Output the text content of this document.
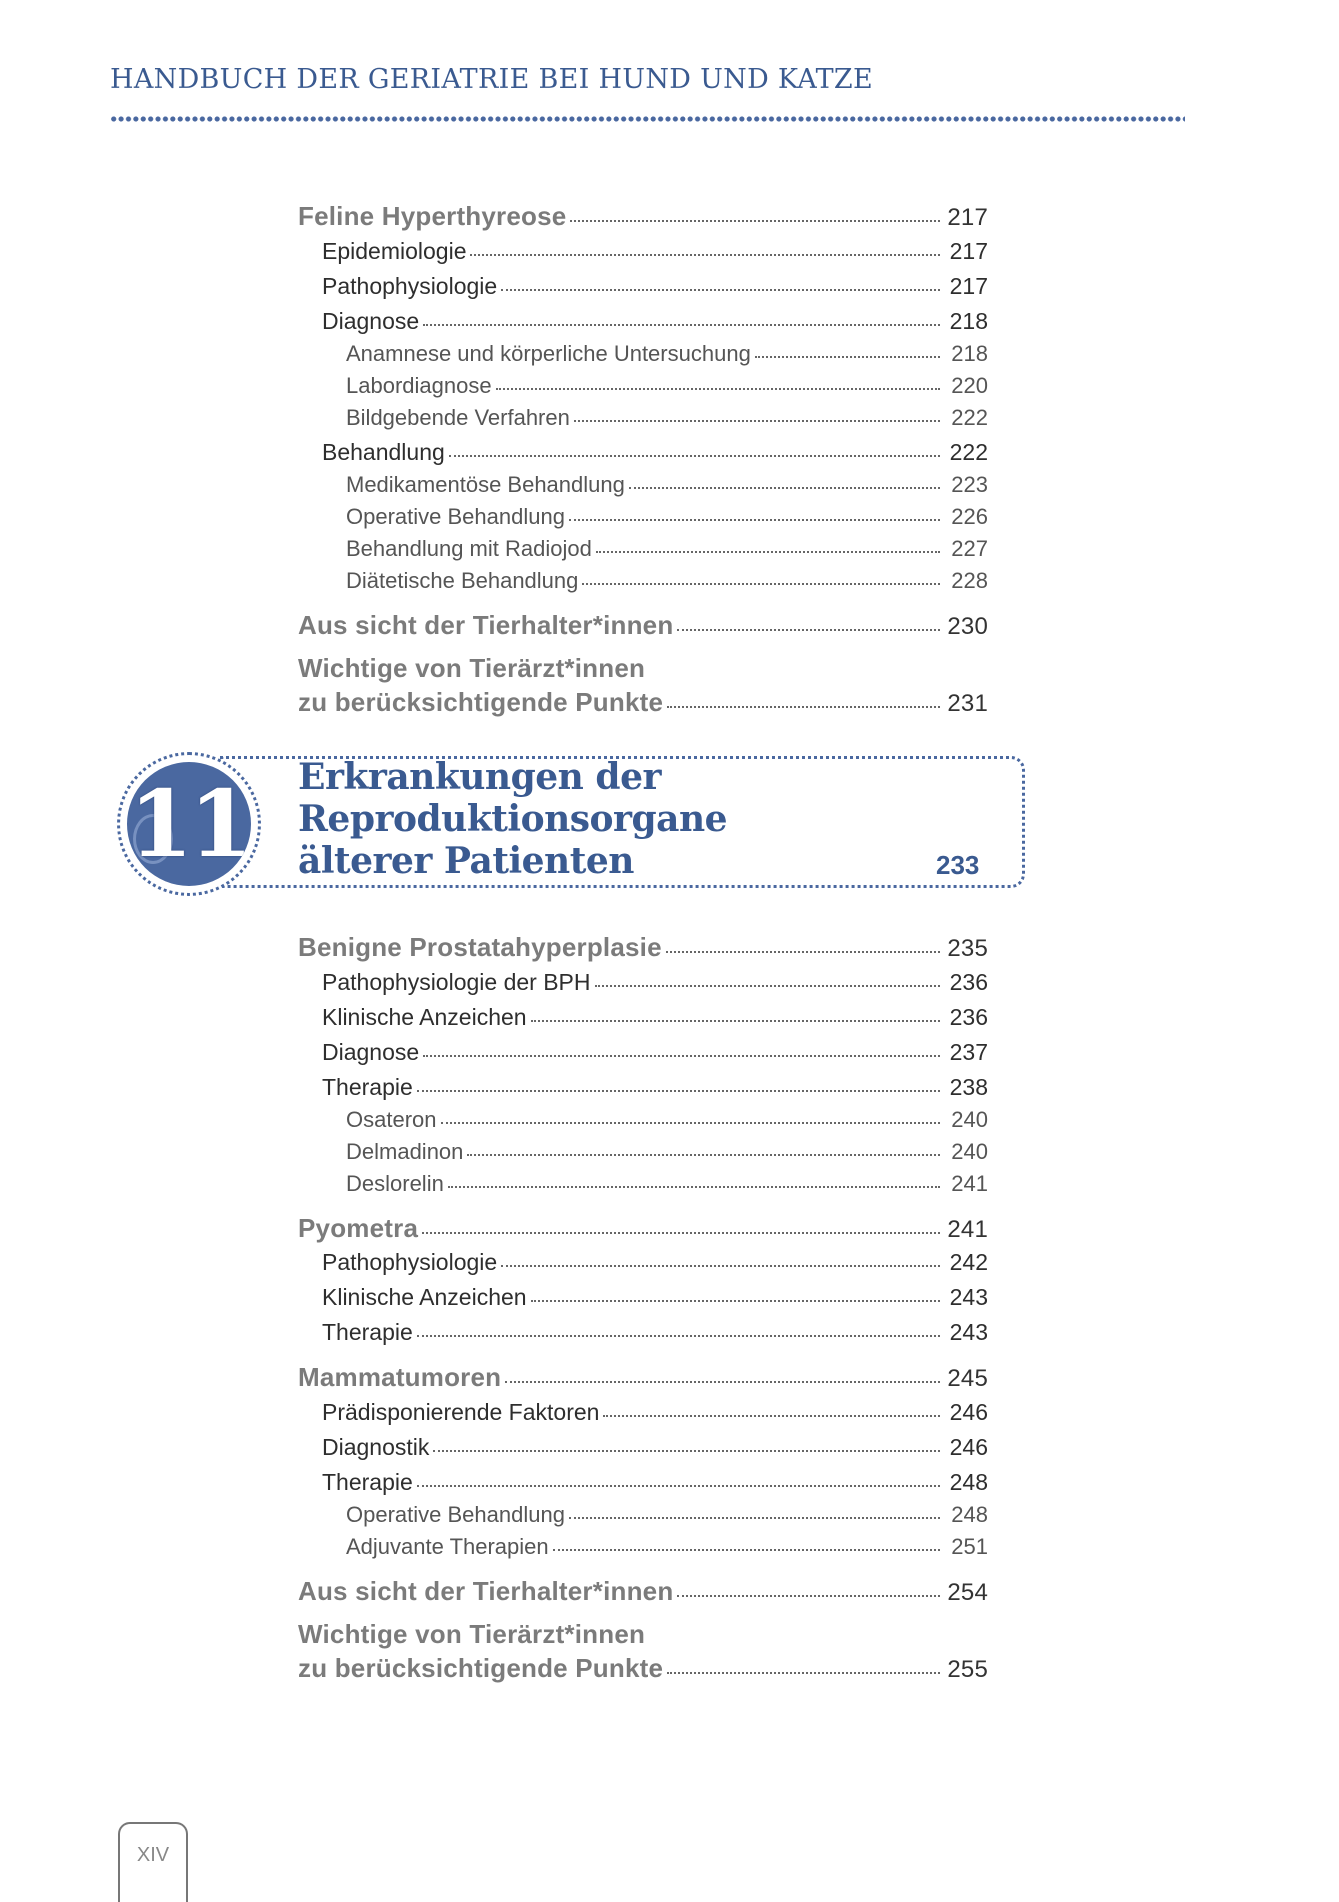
HANDBUCH DER GERIATRIE BEI HUND UND KATZE
Feline Hyperthyreose	217
Epidemiologie	217
Pathophysiologie	217
Diagnose	218
Anamnese und körperliche Untersuchung	218
Labordiagnose	220
Bildgebende Verfahren	222
Behandlung	222
Medikamentöse Behandlung	223
Operative Behandlung	226
Behandlung mit Radiojod	227
Diätetische Behandlung	228
Aus sicht der Tierhalter*innen	230
Wichtige von Tierärzt*innen
zu berücksichtigende Punkte	231
11 Erkrankungen der
Reproduktionsorgane
älterer Patienten	233
Benigne Prostatahyperplasie	235
Pathophysiologie der BPH	236
Klinische Anzeichen	236
Diagnose	237
Therapie	238
Osateron	240
Delmadinon	240
Deslorelin	241
Pyometra	241
Pathophysiologie	242
Klinische Anzeichen	243
Therapie	243
Mammatumoren	245
Prädisponierende Faktoren	246
Diagnostik	246
Therapie	248
Operative Behandlung	248
Adjuvante Therapien	251
Aus sicht der Tierhalter*innen	254
Wichtige von Tierärzt*innen
zu berücksichtigende Punkte	255
XIV
